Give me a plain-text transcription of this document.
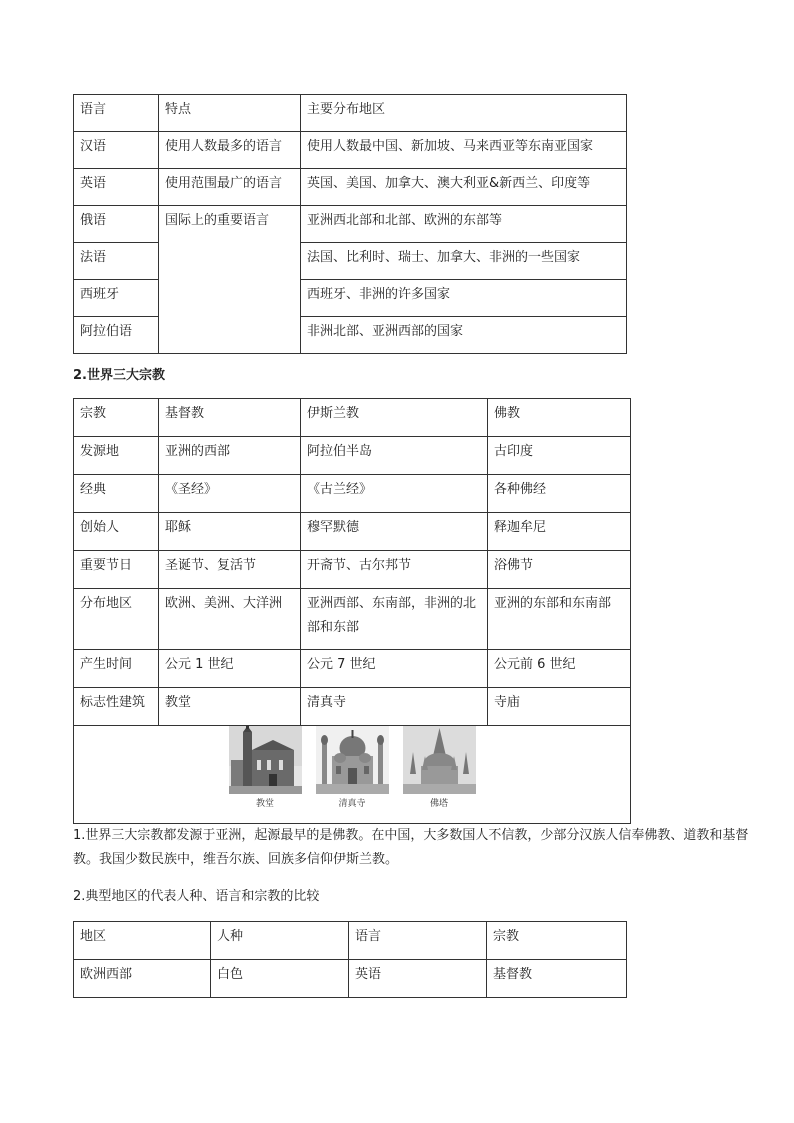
语言	特点	主要分布地区
汉语	使用人数最多的语言	使用人数最中国、新加坡、马来西亚等东南亚国家
英语	使用范围最广的语言	英国、美国、加拿大、澳大利亚&新西兰、印度等
俄语	国际上的重要语言	亚洲西北部和北部、欧洲的东部等
法语		法国、比利时、瑞士、加拿大、非洲的一些国家
西班牙		西班牙、非洲的许多国家
阿拉伯语		非洲北部、亚洲西部的国家
2.世界三大宗教
宗教	基督教	伊斯兰教	佛教
发源地	亚洲的西部	阿拉伯半岛	古印度
经典	《圣经》	《古兰经》	各种佛经
创始人	耶稣	穆罕默德	释迦牟尼
重要节日	圣诞节、复活节	开斋节、古尔邦节	浴佛节
分布地区	欧洲、美洲、大洋洲	亚洲西部、东南部，非洲的北部和东部	亚洲的东部和东南部
产生时间	公元 1 世纪	公元 7 世纪	公元前 6 世纪
标志性建筑	教堂	清真寺	寺庙

教堂 清真寺 佛塔			
1.世界三大宗教都发源于亚洲，起源最早的是佛教。在中国，大多数国人不信教，少部分汉族人信奉佛教、道教和基督教。我国少数民族中，维吾尔族、回族多信仰伊斯兰教。
2.典型地区的代表人种、语言和宗教的比较
地区	人种	语言	宗教
欧洲西部	白色	英语	基督教
